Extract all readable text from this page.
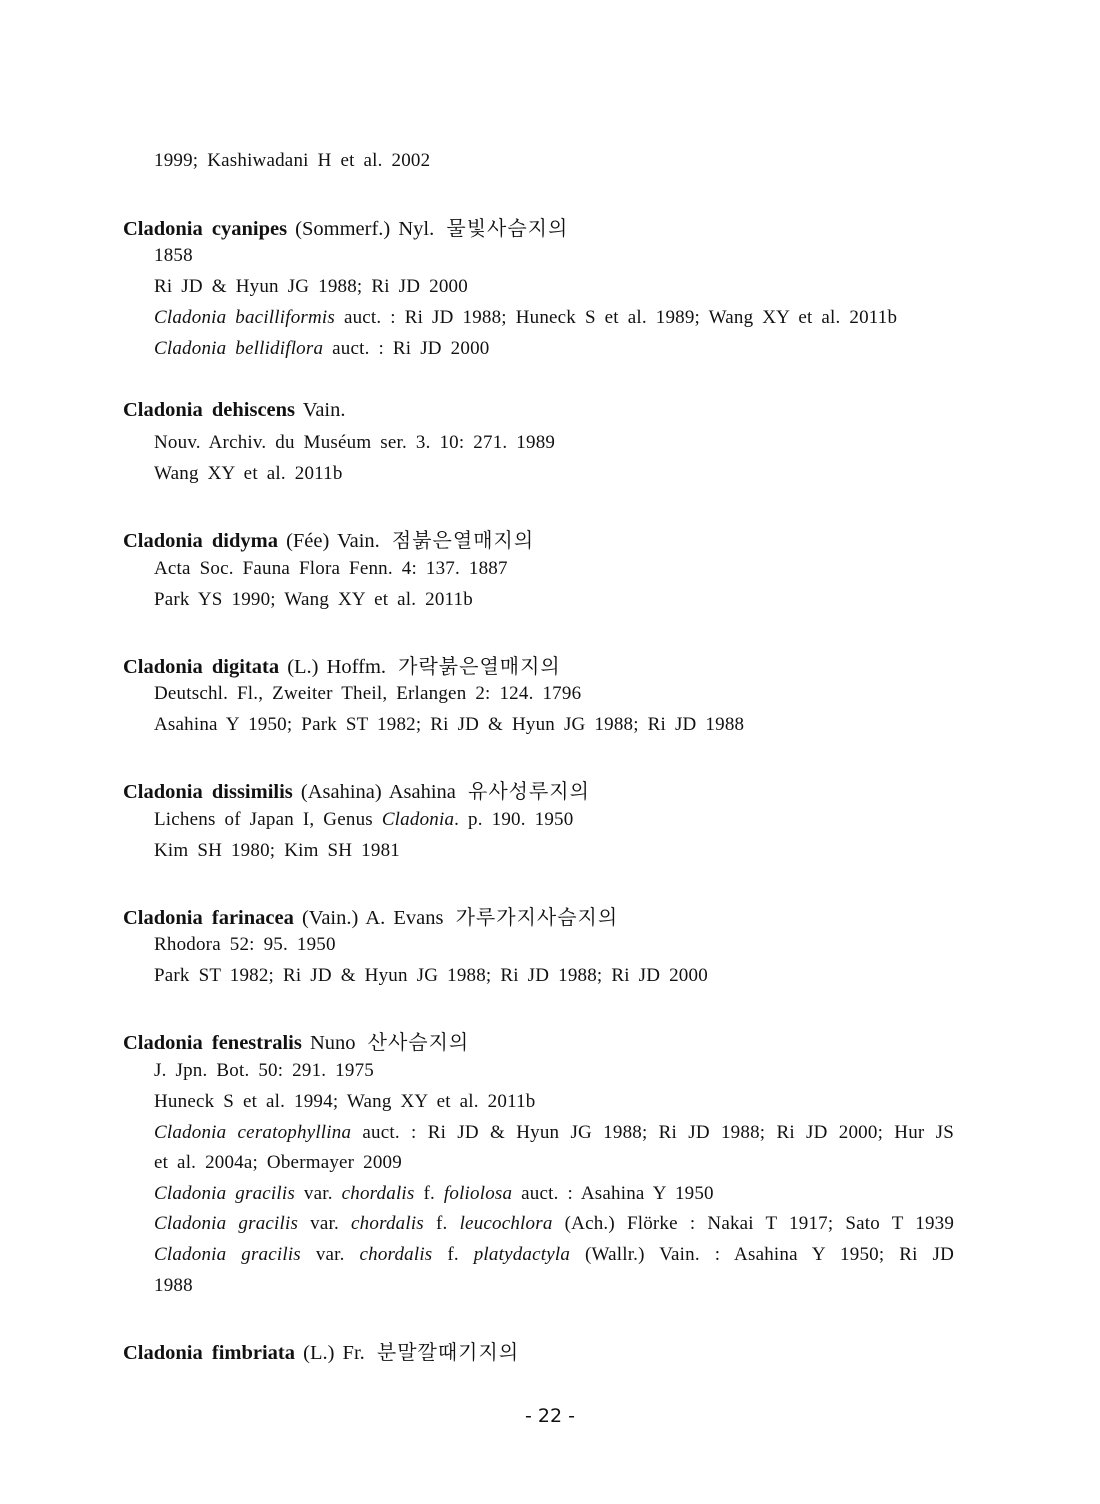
1999; Kashiwadani H et al. 2002
Cladonia cyanipes (Sommerf.) Nyl. 물빛사슴지의
1858
Ri JD & Hyun JG 1988; Ri JD 2000
Cladonia bacilliformis auct. : Ri JD 1988; Huneck S et al. 1989; Wang XY et al. 2011b
Cladonia bellidiflora auct. : Ri JD 2000
Cladonia dehiscens Vain.
Nouv. Archiv. du Muséum ser. 3. 10: 271. 1989
Wang XY et al. 2011b
Cladonia didyma (Fée) Vain. 점붉은열매지의
Acta Soc. Fauna Flora Fenn. 4: 137. 1887
Park YS 1990; Wang XY et al. 2011b
Cladonia digitata (L.) Hoffm. 가락붉은열매지의
Deutschl. Fl., Zweiter Theil, Erlangen 2: 124. 1796
Asahina Y 1950; Park ST 1982; Ri JD & Hyun JG 1988; Ri JD 1988
Cladonia dissimilis (Asahina) Asahina 유사성루지의
Lichens of Japan I, Genus Cladonia. p. 190. 1950
Kim SH 1980; Kim SH 1981
Cladonia farinacea (Vain.) A. Evans 가루가지사슴지의
Rhodora 52: 95. 1950
Park ST 1982; Ri JD & Hyun JG 1988; Ri JD 1988; Ri JD 2000
Cladonia fenestralis Nuno 산사슴지의
J. Jpn. Bot. 50: 291. 1975
Huneck S et al. 1994; Wang XY et al. 2011b
Cladonia ceratophyllina auct. : Ri JD & Hyun JG 1988; Ri JD 1988; Ri JD 2000; Hur JS
et al. 2004a; Obermayer 2009
Cladonia gracilis var. chordalis f. foliolosa auct. : Asahina Y 1950
Cladonia gracilis var. chordalis f. leucochlora (Ach.) Flörke : Nakai T 1917; Sato T 1939
Cladonia gracilis var. chordalis f. platydactyla (Wallr.) Vain. : Asahina Y 1950; Ri JD
1988
Cladonia fimbriata (L.) Fr. 분말깔때기지의
- 22 -
